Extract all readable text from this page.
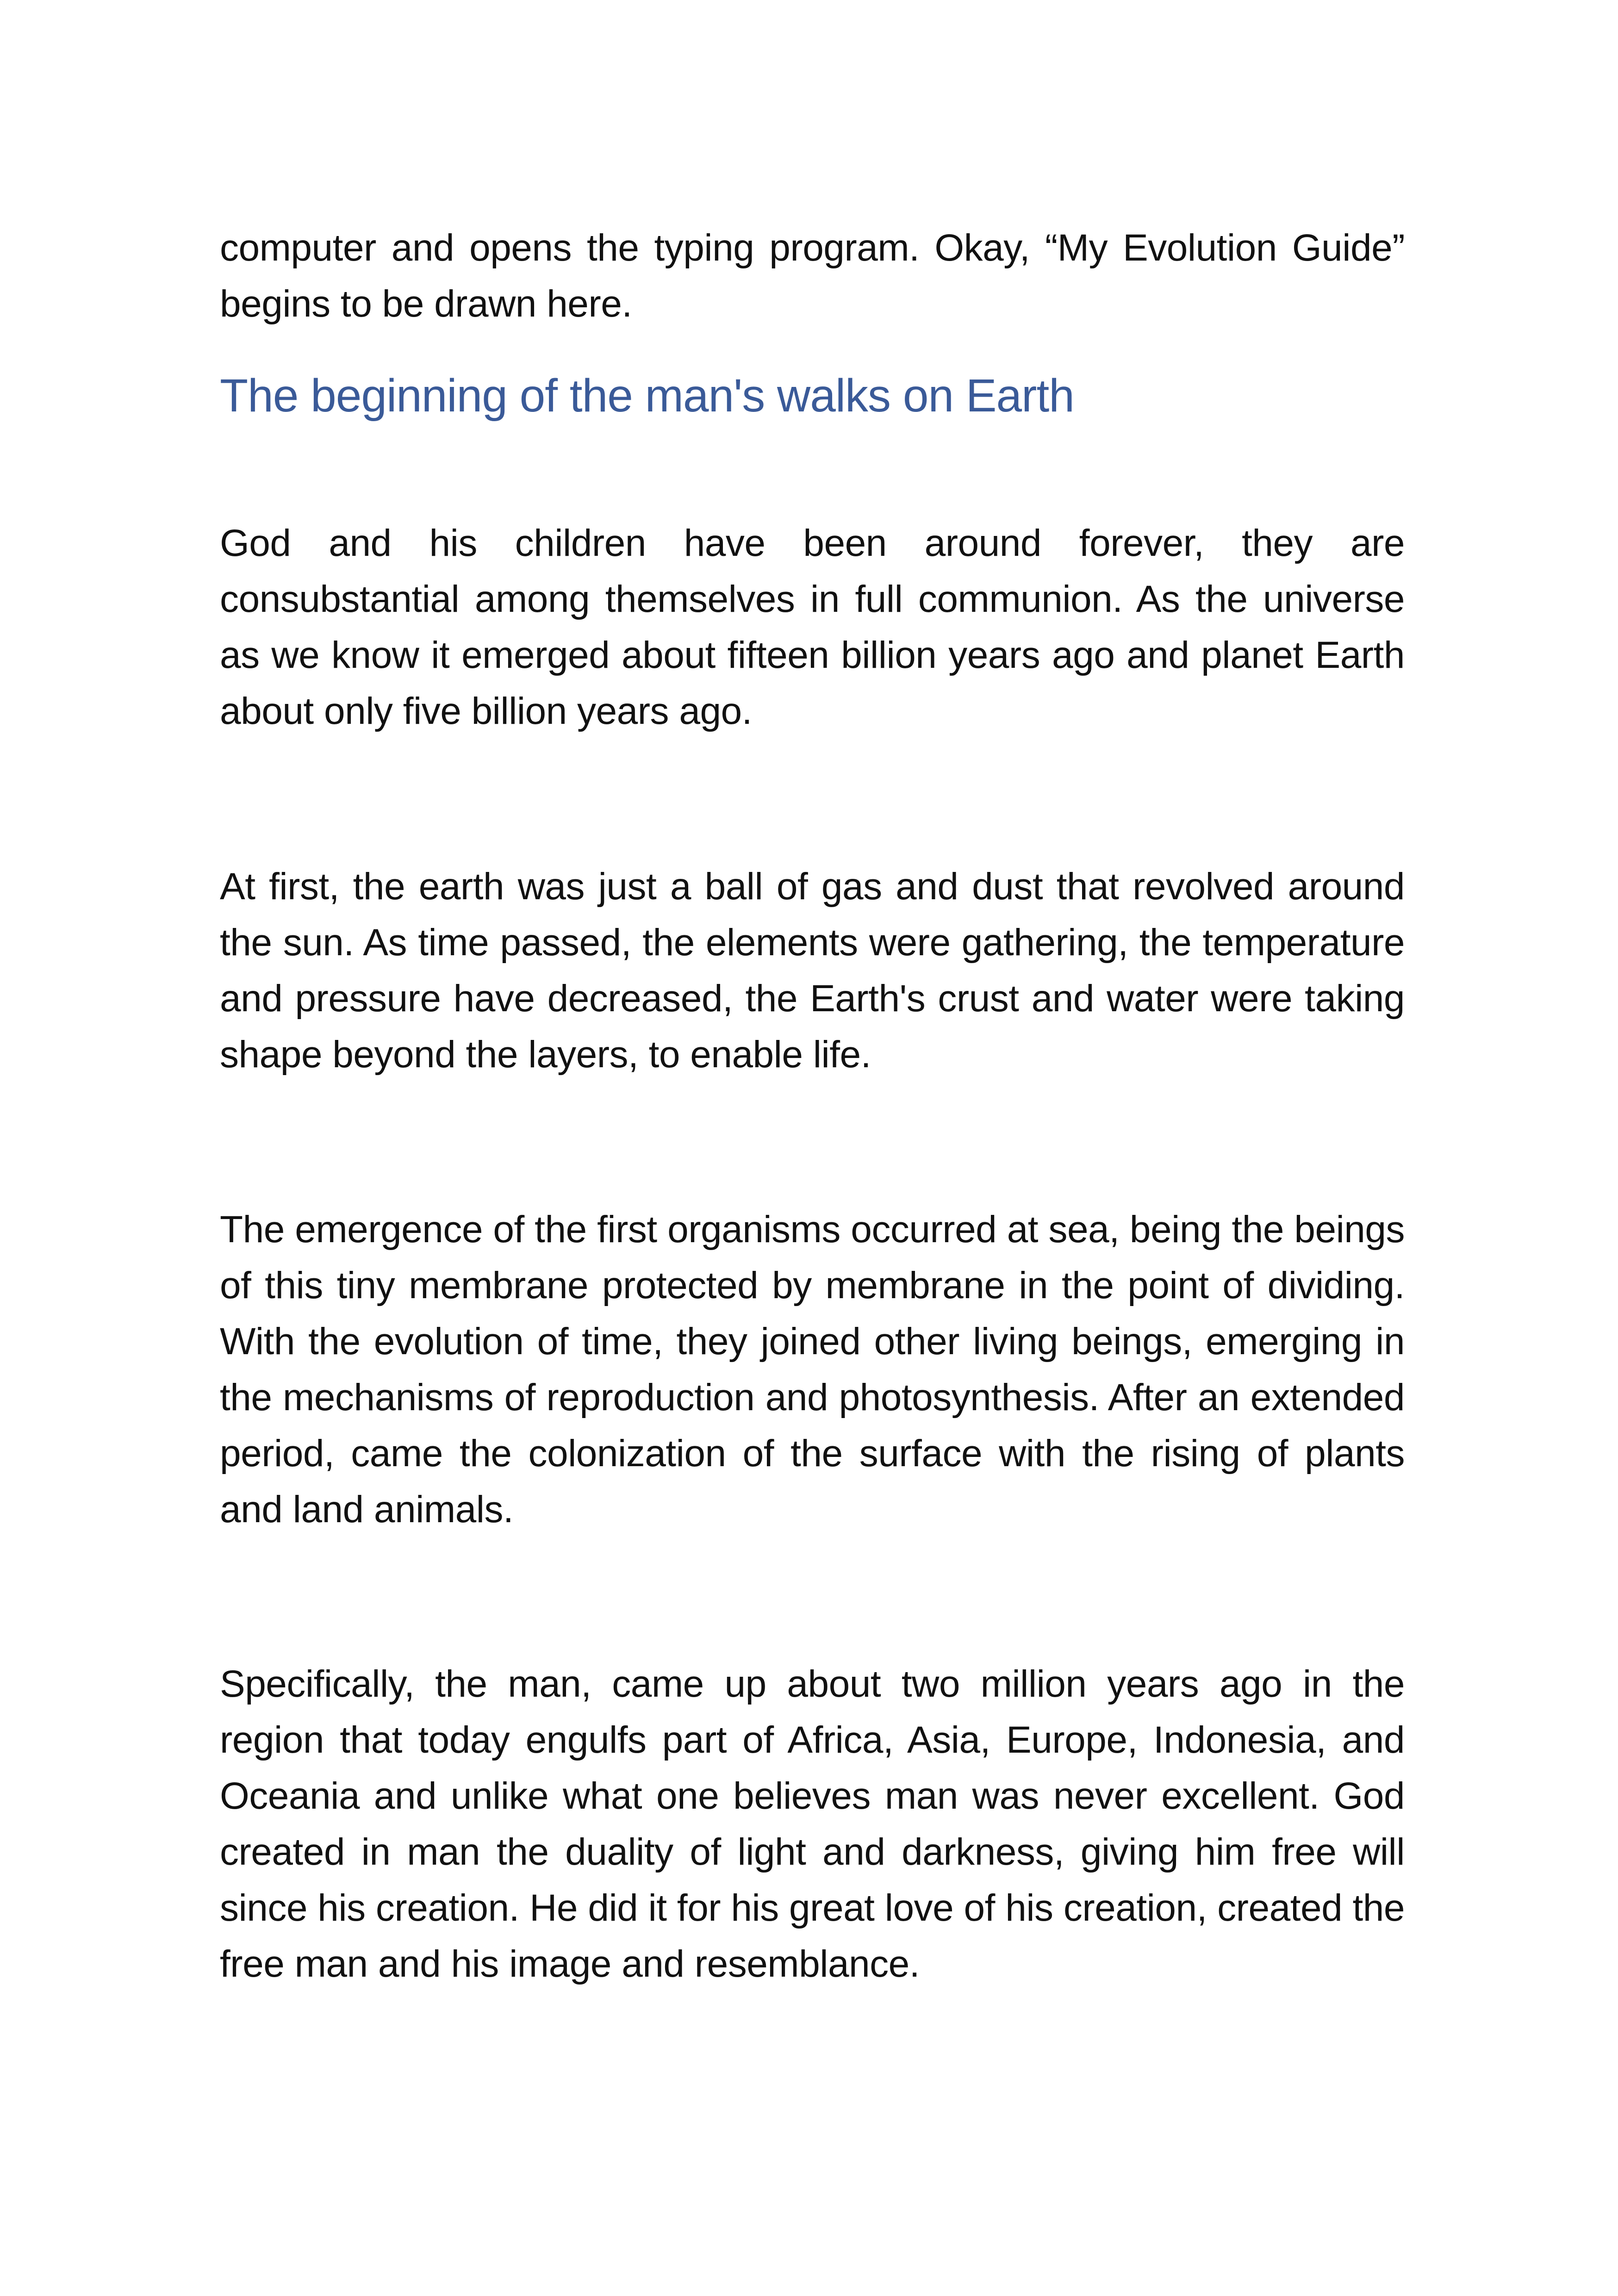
computer and opens the typing program. Okay, “My Evolution Guide” begins to be drawn here.

The beginning of the man's walks on Earth

God and his children have been around forever, they are consubstantial among themselves in full communion. As the universe as we know it emerged about fifteen billion years ago and planet Earth about only five billion years ago.

At first, the earth was just a ball of gas and dust that revolved around the sun. As time passed, the elements were gathering, the temperature and pressure have decreased, the Earth's crust and water were taking shape beyond the layers, to enable life.

The emergence of the first organisms occurred at sea, being the beings of this tiny membrane protected by membrane in the point of dividing. With the evolution of time, they joined other living beings, emerging in the mechanisms of reproduction and photosynthesis. After an extended period, came the colonization of the surface with the rising of plants and land animals.

Specifically, the man, came up about two million years ago in the region that today engulfs part of Africa, Asia, Europe, Indonesia, and Oceania and unlike what one believes man was never excellent. God created in man the duality of light and darkness, giving him free will since his creation. He did it for his great love of his creation, created the free man and his image and resemblance.
